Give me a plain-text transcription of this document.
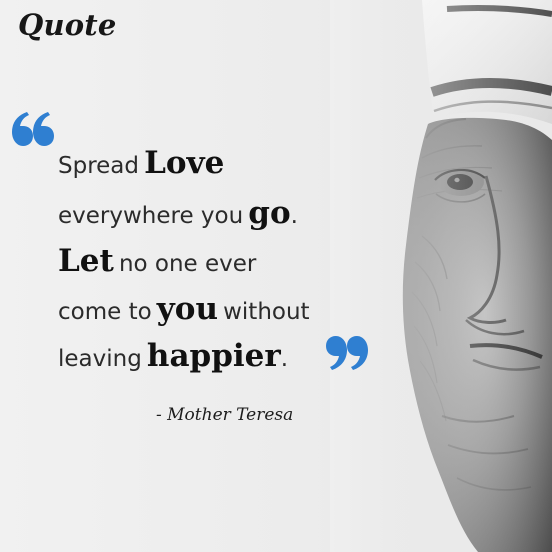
Quote
Spread Love
everywhere you go.
Let no one ever
come to you without
leaving happier.
- Mother Teresa
